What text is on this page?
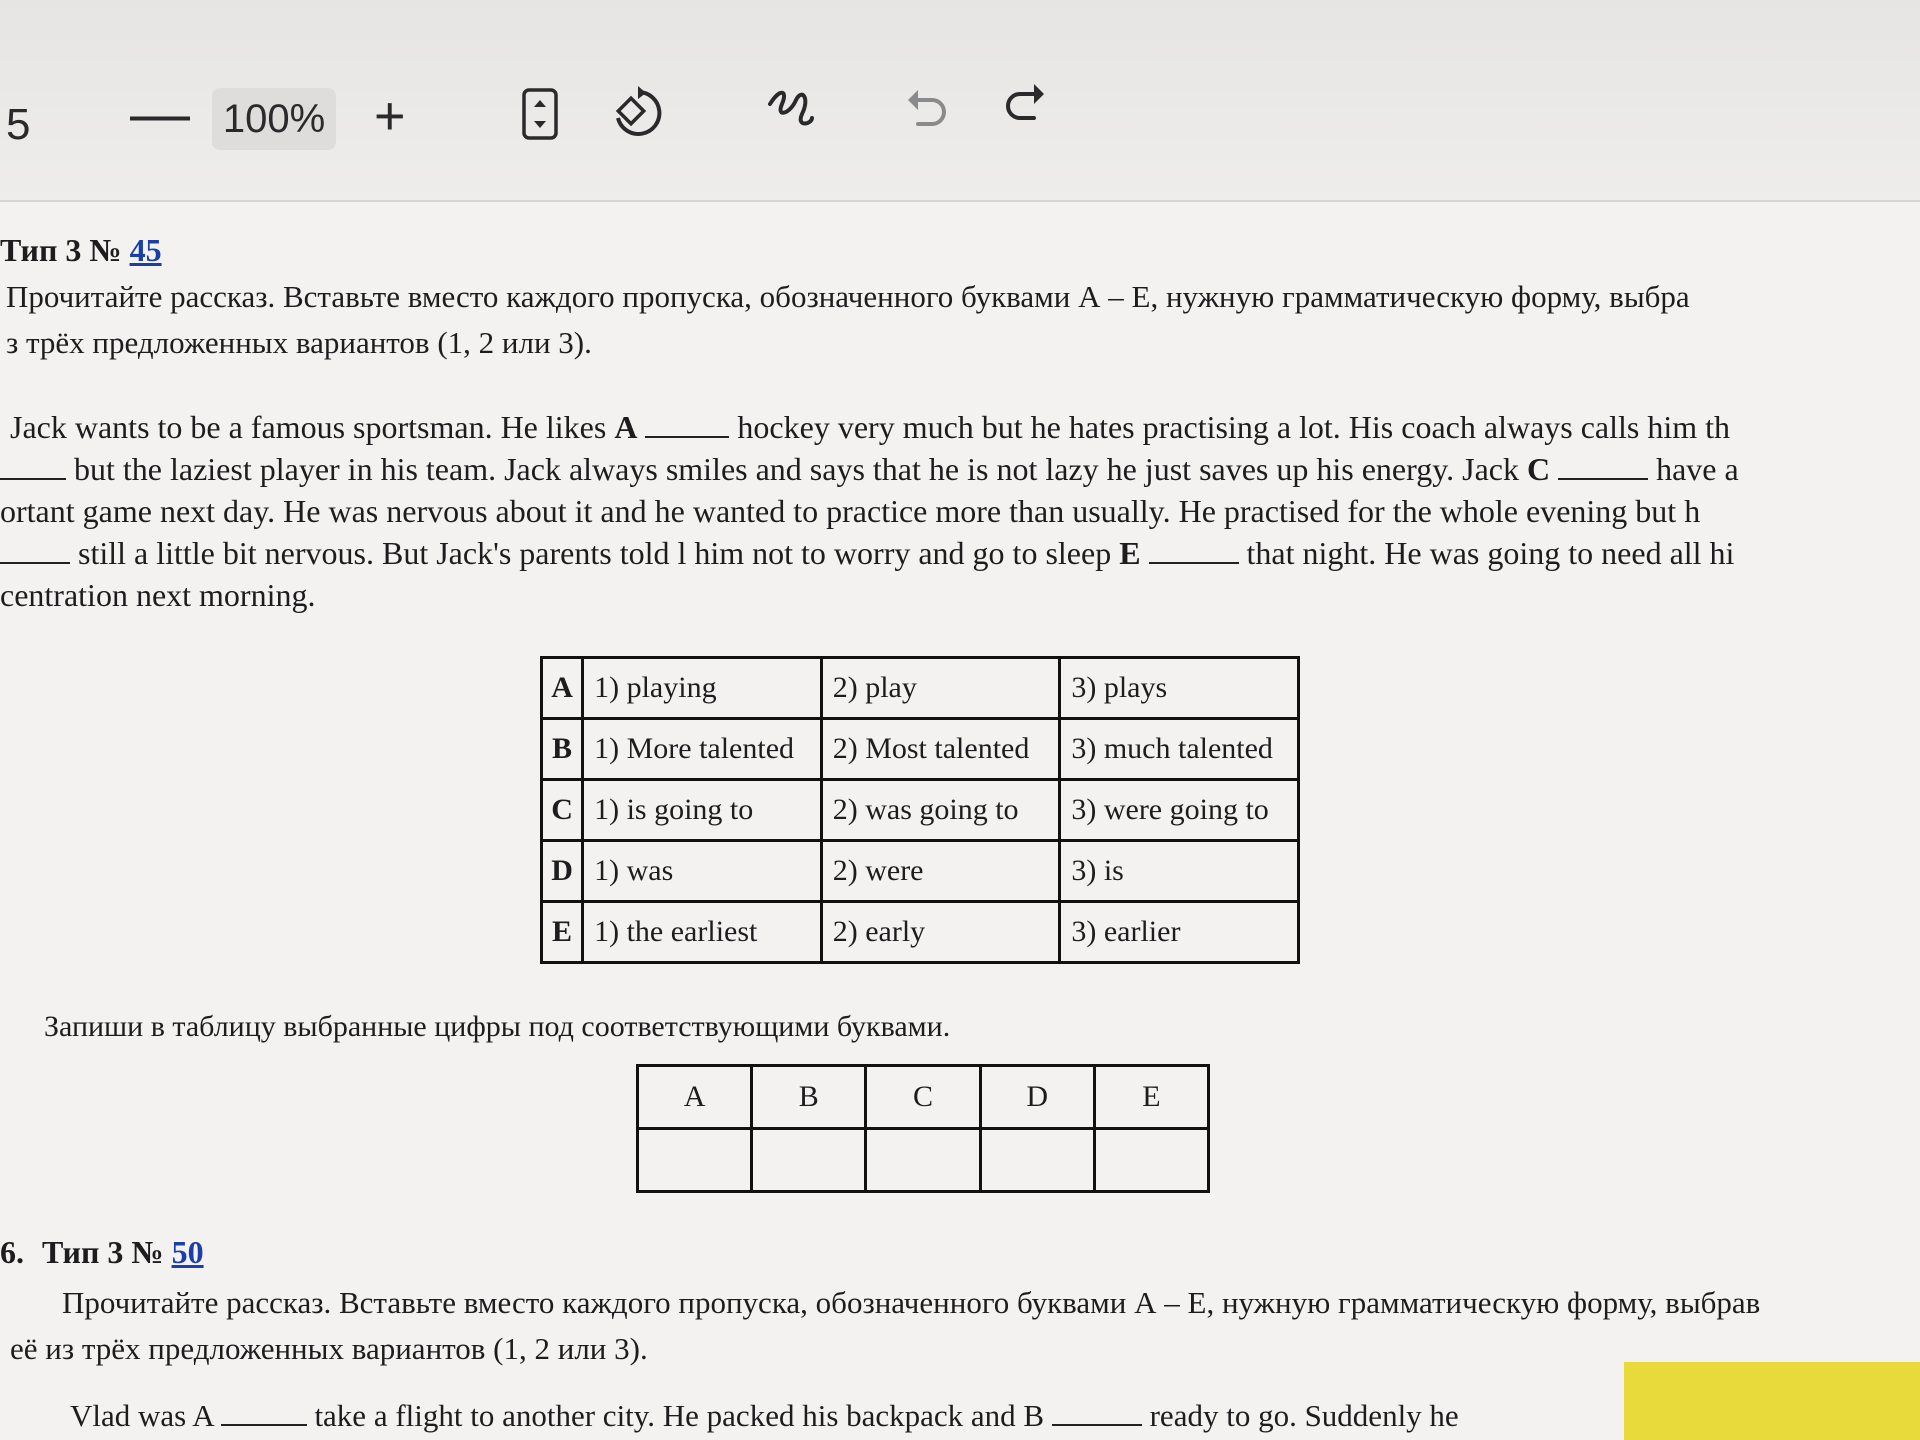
5 — 100% +
Тип 3 № 45
Прочитайте рассказ. Вставьте вместо каждого пропуска, обозначенного буквами А – Е, нужную грамматическую форму, выбра
з трёх предложенных вариантов (1, 2 или 3).

Jack wants to be a famous sportsman. He likes A	hockey very much but he hates practising a lot. His coach always calls him th

but the laziest player in his team. Jack always smiles and says that he is not lazy he just saves up his energy. Jack C	have a

ortant game next day. He was nervous about it and he wanted to practice more than usually. He practised for the whole evening but h

still a little bit nervous. But Jack's parents told l him not to worry and go to sleep E	that night. He was going to need all hi

centration next morning.

A	1) playing	2) play	3) plays
B	1) More talented	2) Most talented	3) much talented
C	1) is going to	2) was going to	3) were going to
D	1) was	2) were	3) is
E	1) the earliest	2) early	3) earlier
Запиши в таблицу выбранные цифры под соответствующими буквами.
A	B	C	D	E

6. Тип 3 № 50
Прочитайте рассказ. Вставьте вместо каждого пропуска, обозначенного буквами А – Е, нужную грамматическую форму, выбрав
её из трёх предложенных вариантов (1, 2 или 3).
Vlad was A	take a flight to another city. He packed his backpack and B	ready to go. Suddenly he
